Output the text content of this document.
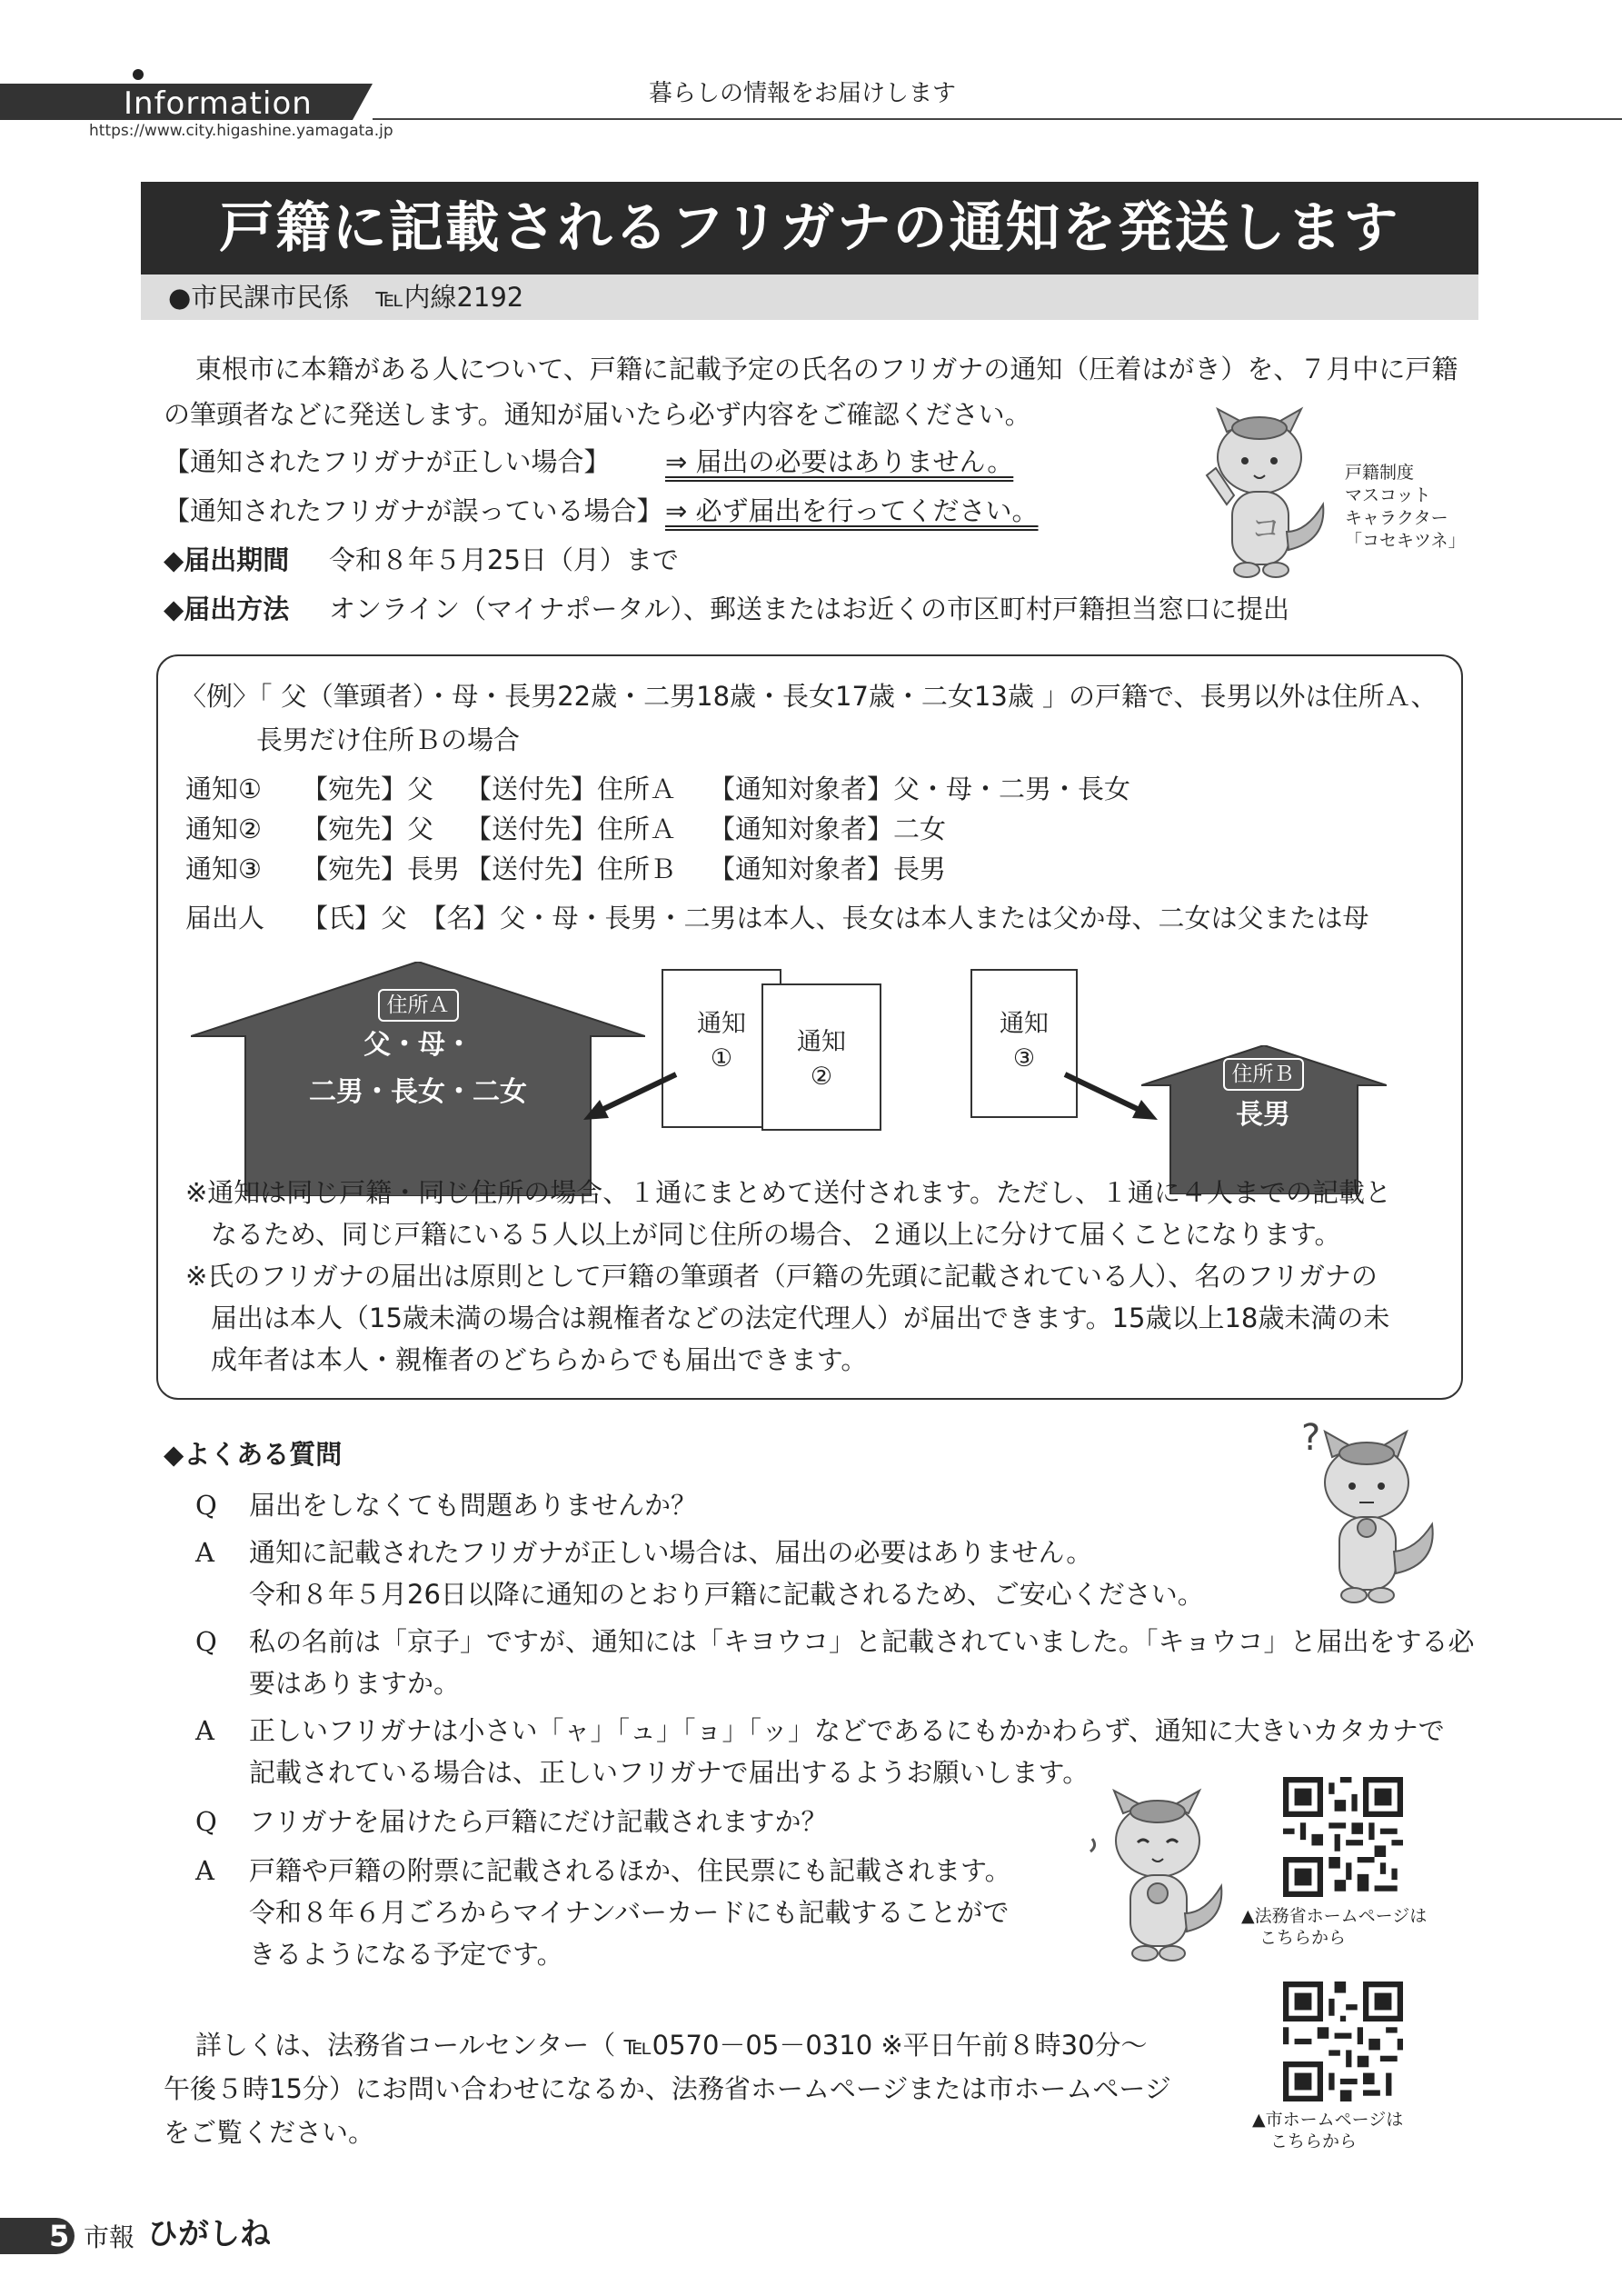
Information
https://www.city.higashine.yamagata.jp
暮らしの情報をお届けします
戸籍に記載されるフリガナの通知を発送します
●市民課市民係　℡内線2192
東根市に本籍がある人について、戸籍に記載予定の氏名のフリガナの通知（圧着はがき）を、７月中に戸籍
の筆頭者などに発送します。通知が届いたら必ず内容をご確認ください。
【通知されたフリガナが正しい場合】 ⇒ 届出の必要はありません。
【通知されたフリガナが誤っている場合】 ⇒ 必ず届出を行ってください。
◆届出期間 令和８年５月25日（月）まで
◆届出方法 オンライン（マイナポータル）、郵送またはお近くの市区町村戸籍担当窓口に提出
コ
戸籍制度
マスコット
キャラクター
「コセキツネ」
〈例〉「 父（筆頭者）・母・長男22歳・二男18歳・長女17歳・二女13歳 」の戸籍で、長男以外は住所Ａ、
長男だけ住所Ｂの場合
通知① 【宛先】父 【送付先】住所Ａ 【通知対象者】父・母・二男・長女
通知② 【宛先】父 【送付先】住所Ａ 【通知対象者】二女
通知③ 【宛先】長男 【送付先】住所Ｂ 【通知対象者】長男
届出人 【氏】父　【名】父・母・長男・二男は本人、長女は本人または父か母、二女は父または母
住所Ａ
父・母・
二男・長女・二女
通知
①
通知
②
通知
③
住所Ｂ
長男
※通知は同じ戸籍・同じ住所の場合、１通にまとめて送付されます。ただし、１通に４人までの記載と
なるため、同じ戸籍にいる５人以上が同じ住所の場合、２通以上に分けて届くことになります。
※氏のフリガナの届出は原則として戸籍の筆頭者（戸籍の先頭に記載されている人）、名のフリガナの
届出は本人（15歳未満の場合は親権者などの法定代理人）が届出できます。15歳以上18歳未満の未
成年者は本人・親権者のどちらからでも届出できます。
◆よくある質問
Q 届出をしなくても問題ありませんか？
A 通知に記載されたフリガナが正しい場合は、届出の必要はありません。
令和８年５月26日以降に通知のとおり戸籍に記載されるため、ご安心ください。
Q 私の名前は「京子」ですが、通知には「キヨウコ」と記載されていました。「キョウコ」と届出をする必
要はありますか。
A 正しいフリガナは小さい「ャ」「ュ」「ョ」「ッ」などであるにもかかわらず、通知に大きいカタカナで
記載されている場合は、正しいフリガナで届出するようお願いします。
Q フリガナを届けたら戸籍にだけ記載されますか？
A 戸籍や戸籍の附票に記載されるほか、住民票にも記載されます。
令和８年６月ごろからマイナンバーカードにも記載することがで
きるようになる予定です。
?
▲法務省ホームページは
こちらから
▲市ホームページは
こちらから
詳しくは、法務省コールセンター（ ℡0570－05－0310 ※平日午前８時30分～
午後５時15分）にお問い合わせになるか、法務省ホームページまたは市ホームページ
をご覧ください。
5 市報 ひがしね
